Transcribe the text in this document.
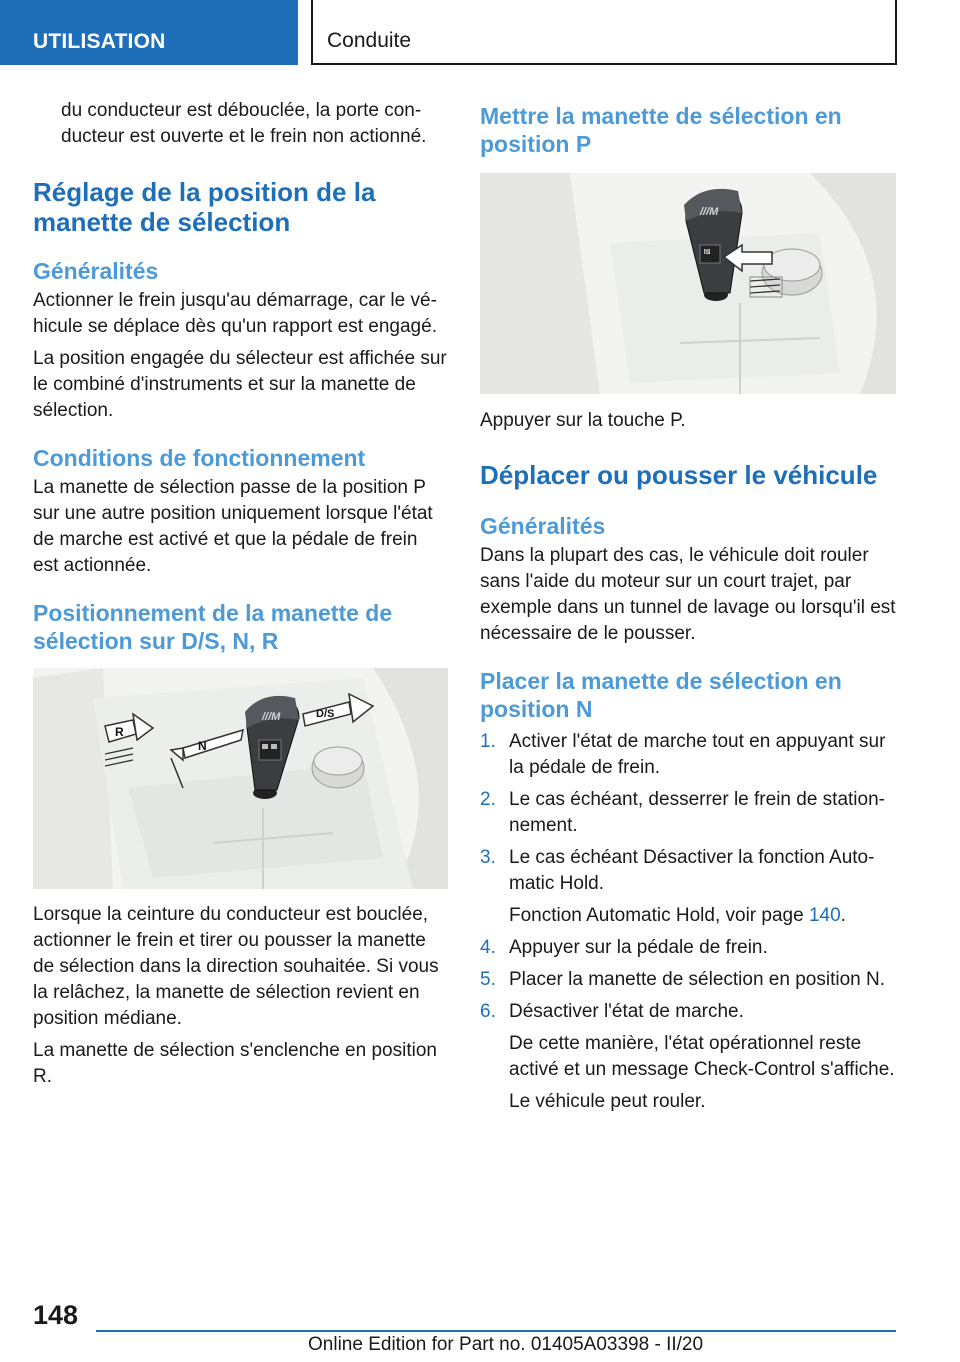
UTILISATION	Conduite

du conducteur est débouclée, la porte conducteur est ouverte et le frein non actionné.

Réglage de la position de la manette de sélection
Généralités

Actionner le frein jusqu'au démarrage, car le véhicule se déplace dès qu'un rapport est engagé.

La position engagée du sélecteur est affichée sur le combiné d'instruments et sur la manette de sélection.

Conditions de fonctionnement

La manette de sélection passe de la position P sur une autre position uniquement lorsque l'état de marche est activé et que la pédale de frein est actionnée.

Positionnement de la manette de sélection sur D/S, N, R
///M
N
R
D/S

Lorsque la ceinture du conducteur est bouclée, actionner le frein et tirer ou pousser la manette de sélection dans la direction souhaitée. Si vous la relâchez, la manette de sélection revient en position médiane.

La manette de sélection s'enclenche en position R.

Mettre la manette de sélection en position P
///M
P

Appuyer sur la touche P.

Déplacer ou pousser le véhicule
Généralités

Dans la plupart des cas, le véhicule doit rouler sans l'aide du moteur sur un court trajet, par exemple dans un tunnel de lavage ou lorsqu'il est nécessaire de le pousser.

Placer la manette de sélection en position N
1. Activer l'état de marche tout en appuyant sur la pédale de frein.
2. Le cas échéant, desserrer le frein de stationnement.
3. Le cas échéant Désactiver la fonction Automatic Hold.
Fonction Automatic Hold, voir page 140.
4. Appuyer sur la pédale de frein.
5. Placer la manette de sélection en position N.
6. Désactiver l'état de marche.
De cette manière, l'état opérationnel reste activé et un message Check-Control s'affiche.
Le véhicule peut rouler.
148
Online Edition for Part no. 01405A03398 - II/20
